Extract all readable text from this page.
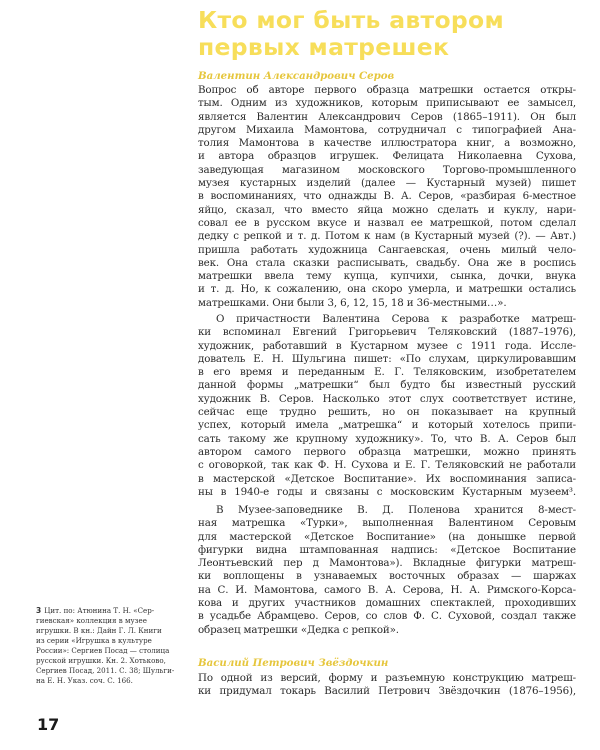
Кто мог быть автором
первых матрешек
Валентин Александрович Серов
Вопрос об авторе первого образца матрешки остается откры-
тым. Одним из художников, которым приписывают ее замысел,
является Валентин Александрович Серов (1865–1911). Он был
другом Михаила Мамонтова, сотрудничал с типографией Ана-
толия Мамонтова в качестве иллюстратора книг, а возможно,
и автора образцов игрушек. Фелицата Николаевна Сухова,
заведующая магазином московского Торгово-промышленного
музея кустарных изделий (далее — Кустарный музей) пишет
в воспоминаниях, что однажды В. А. Серов, «разбирая 6-местное
яйцо, сказал, что вместо яйца можно сделать и куклу, нари-
совал ее в русском вкусе и назвал ее матрешкой, потом сделал
дедку с репкой и т. д. Потом к нам (в Кустарный музей (?). — Авт.)
пришла работать художница Сангаевская, очень милый чело-
век. Она стала сказки расписывать, свадьбу. Она же в роспись
матрешки ввела тему купца, купчихи, сынка, дочки, внука
и т. д. Но, к сожалению, она скоро умерла, и матрешки остались
матрешками. Они были 3, 6, 12, 15, 18 и 36-местными…».
О причастности Валентина Серова к разработке матреш-
ки вспоминал Евгений Григорьевич Теляковский (1887–1976),
художник, работавший в Кустарном музее с 1911 года. Иссле-
дователь Е. Н. Шульгина пишет: «По слухам, циркулировавшим
в его время и переданным Е. Г. Теляковским, изобретателем
данной формы „матрешки“ был будто бы известный русский
художник В. Серов. Насколько этот слух соответствует истине,
сейчас еще трудно решить, но он показывает на крупный
успех, который имела „матрешка“ и который хотелось припи-
сать такому же крупному художнику». То, что В. А. Серов был
автором самого первого образца матрешки, можно принять
с оговоркой, так как Ф. Н. Сухова и Е. Г. Теляковский не работали
в мастерской «Детское Воспитание». Их воспоминания записа-
ны в 1940-е годы и связаны с московским Кустарным музеем³.
В Музее-заповеднике В. Д. Поленова хранится 8-мест-
ная матрешка «Турки», выполненная Валентином Серовым
для мастерской «Детское Воспитание» (на донышке первой
фигурки видна штампованная надпись: «Детское Воспитание
Леонтьевский пер д Мамонтова»). Вкладные фигурки матреш-
ки воплощены в узнаваемых восточных образах — шаржах
на С. И. Мамонтова, самого В. А. Серова, Н. А. Римского-Корса-
кова и других участников домашних спектаклей, проходивших
в усадьбе Абрамцево. Серов, со слов Ф. С. Суховой, создал также
образец матрешки «Дедка с репкой».
Василий Петрович Звёздочкин
По одной из версий, форму и разъемную конструкцию матреш-
ки придумал токарь Василий Петрович Звёздочкин (1876–1956),
3 Цит. по: Атюнина Т. Н. «Сер-
гиевская» коллекция в музее
игрушки. В кн.: Дайн Г. Л. Книги
из серии «Игрушка в культуре
России»: Сергиев Посад — столица
русской игрушки. Кн. 2. Хотьково,
Сергиев Посад, 2011. С. 38; Шульги-
на Е. Н. Указ. соч. С. 166.
17
